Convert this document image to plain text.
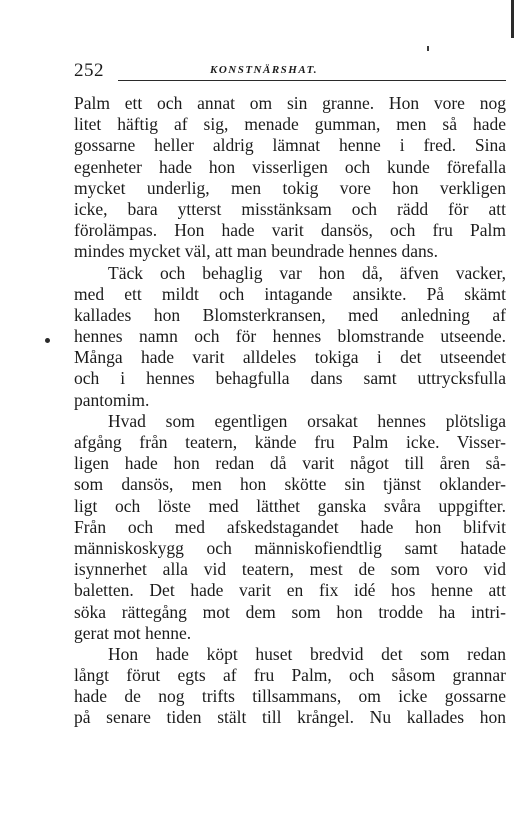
252	KONSTNÄRSHAT.
Palm ett och annat om sin granne. Hon vore nog
litet häftig af sig, menade gumman, men så hade
gossarne heller aldrig lämnat henne i fred. Sina
egenheter hade hon visserligen och kunde förefalla
mycket underlig, men tokig vore hon verkligen
icke, bara ytterst misstänksam och rädd för att
förolämpas. Hon hade varit dansös, och fru Palm
mindes mycket väl, att man beundrade hennes dans.
Täck och behaglig var hon då, äfven vacker,
med ett mildt och intagande ansikte. På skämt
kallades hon Blomsterkransen, med anledning af
hennes namn och för hennes blomstrande utseende.
Många hade varit alldeles tokiga i det utseendet
och i hennes behagfulla dans samt uttrycksfulla
pantomim.
Hvad som egentligen orsakat hennes plötsliga
afgång från teatern, kände fru Palm icke. Visser-
ligen hade hon redan då varit något till åren så-
som dansös, men hon skötte sin tjänst oklander-
ligt och löste med lätthet ganska svåra uppgifter.
Från och med afskedstagandet hade hon blifvit
människoskygg och människofiendtlig samt hatade
isynnerhet alla vid teatern, mest de som voro vid
baletten. Det hade varit en fix idé hos henne att
söka rättegång mot dem som hon trodde ha intri-
gerat mot henne.
Hon hade köpt huset bredvid det som redan
långt förut egts af fru Palm, och såsom grannar
hade de nog trifts tillsammans, om icke gossarne
på senare tiden stält till krångel. Nu kallades hon
